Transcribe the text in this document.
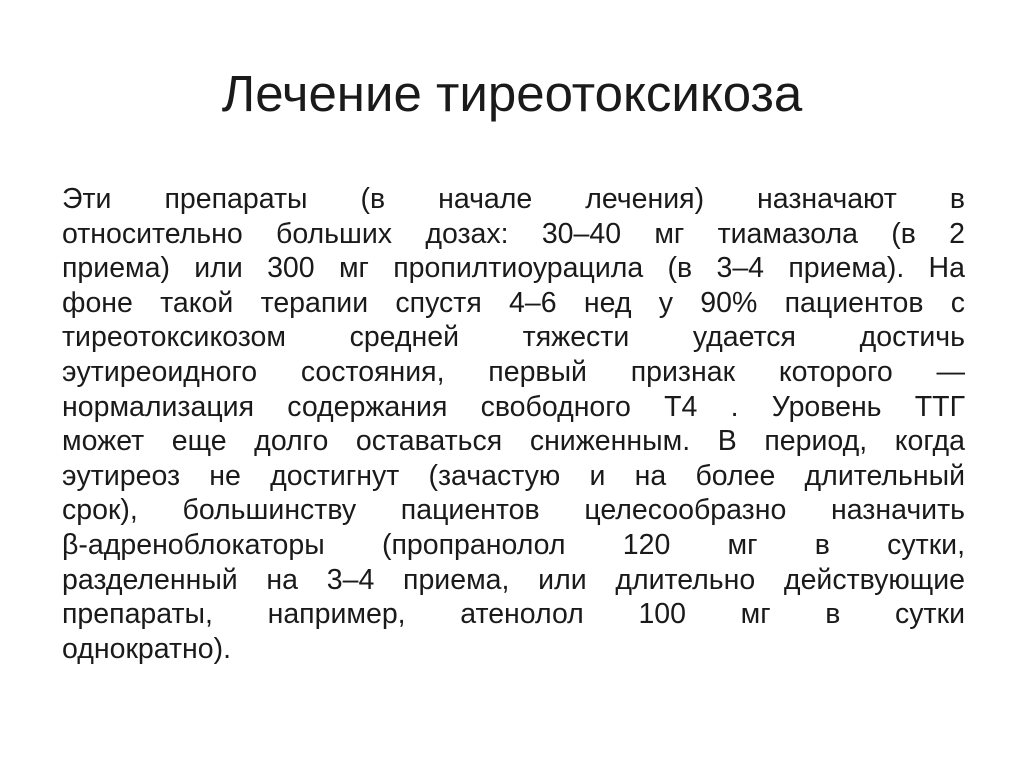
Лечение тиреотоксикоза
Эти препараты (в начале лечения) назначают в
относительно больших дозах: 30–40 мг тиамазола (в 2
приема) или 300 мг пропилтиоурацила (в 3–4 приема). На
фоне такой терапии спустя 4–6 нед у 90% пациентов с
тиреотоксикозом средней тяжести удается достичь
эутиреоидного состояния, первый признак которого —
нормализация содержания свободного Т4 . Уровень ТТГ
может еще долго оставаться сниженным. В период, когда
эутиреоз не достигнут (зачастую и на более длительный
срок), большинству пациентов целесообразно назначить
β-адреноблокаторы (пропранолол 120 мг в сутки,
разделенный на 3–4 приема, или длительно действующие
препараты, например, атенолол 100 мг в сутки
однократно).
